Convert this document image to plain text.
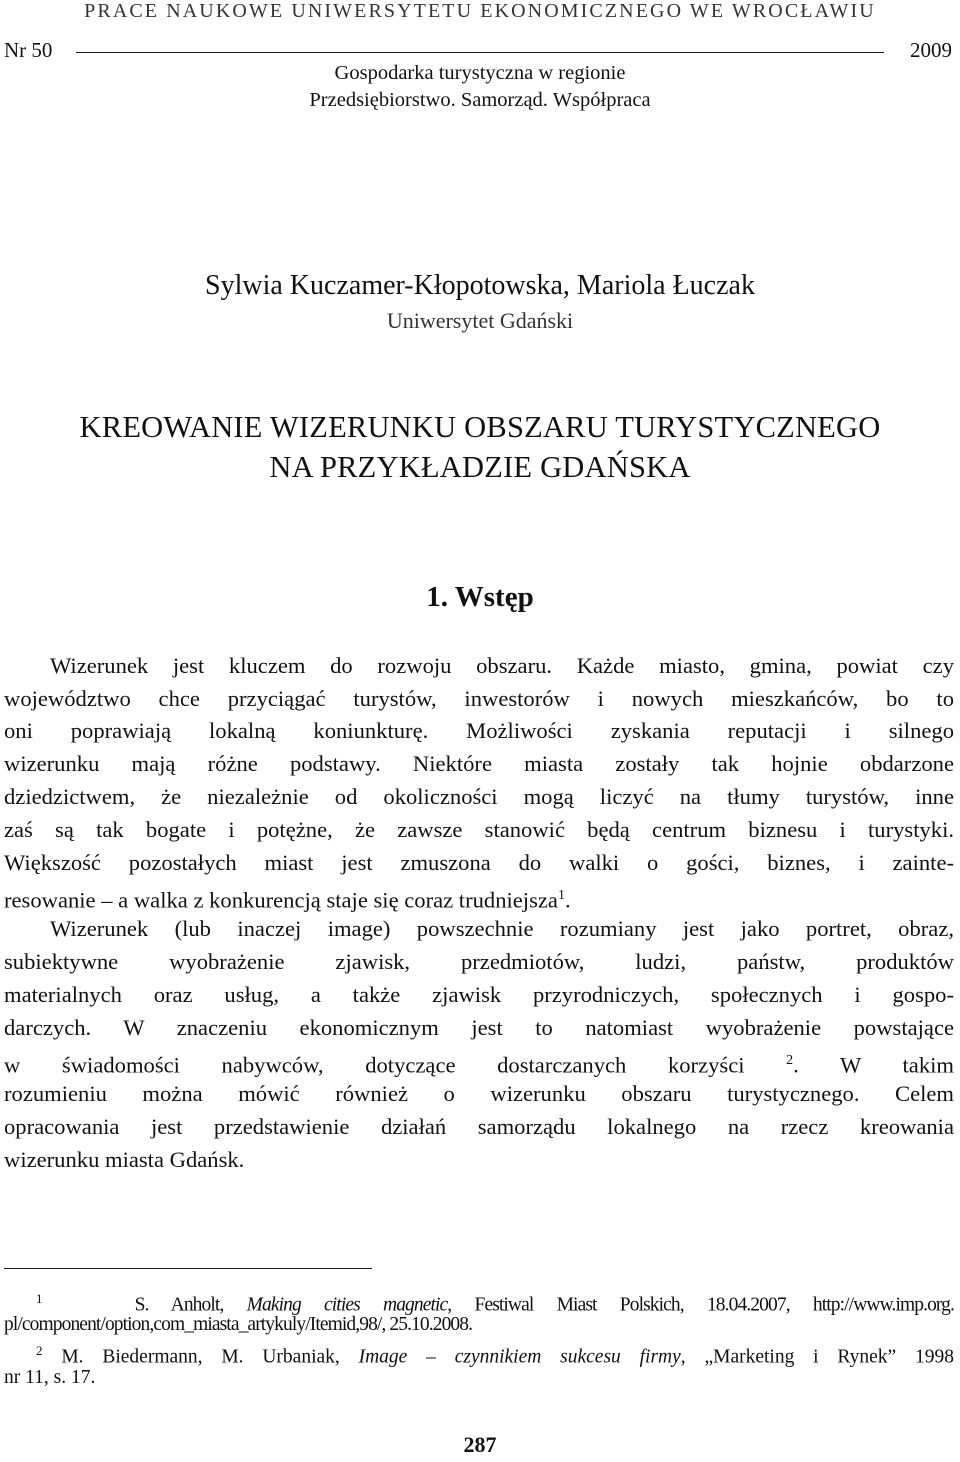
PRACE NAUKOWE UNIWERSYTETU EKONOMICZNEGO WE WROCŁAWIU
Nr 50	2009
Gospodarka turystyczna w regionie
Przedsiębiorstwo. Samorząd. Współpraca
Sylwia Kuczamer-Kłopotowska, Mariola Łuczak
Uniwersytet Gdański
KREOWANIE WIZERUNKU OBSZARU TURYSTYCZNEGO
NA PRZYKŁADZIE GDAŃSKA
1. Wstęp
Wizerunek jest kluczem do rozwoju obszaru. Każde miasto, gmina, powiat czy
województwo chce przyciągać turystów, inwestorów i nowych mieszkańców, bo to
oni poprawiają lokalną koniunkturę. Możliwości zyskania reputacji i silnego
wizerunku mają różne podstawy. Niektóre miasta zostały tak hojnie obdarzone
dziedzictwem, że niezależnie od okoliczności mogą liczyć na tłumy turystów, inne
zaś są tak bogate i potężne, że zawsze stanowić będą centrum biznesu i turystyki.
Większość pozostałych miast jest zmuszona do walki o gości, biznes, i zainte-
resowanie – a walka z konkurencją staje się coraz trudniejsza$^1$.
Wizerunek (lub inaczej image) powszechnie rozumiany jest jako portret, obraz,
subiektywne wyobrażenie zjawisk, przedmiotów, ludzi, państw, produktów
materialnych oraz usług, a także zjawisk przyrodniczych, społecznych i gospo-
darczych. W znaczeniu ekonomicznym jest to natomiast wyobrażenie powstające
w świadomości nabywców, dotyczące dostarczanych korzyści	$^2$. W takim
rozumieniu można mówić również o wizerunku obszaru turystycznego. Celem
opracowania jest przedstawienie działań samorządu lokalnego na rzecz kreowania
wizerunku miasta Gdańsk.
$^1$	S. Anholt, Making cities magnetic, Festiwal Miast Polskich, 18.04.2007, http://www.imp.org.
pl/component/option,com_miasta_artykuly/Itemid,98/, 25.10.2008.
$^2$ M. Biedermann, M. Urbaniak, Image – czynnikiem sukcesu firmy, „Marketing i Rynek” 1998
nr 11, s. 17.
287
